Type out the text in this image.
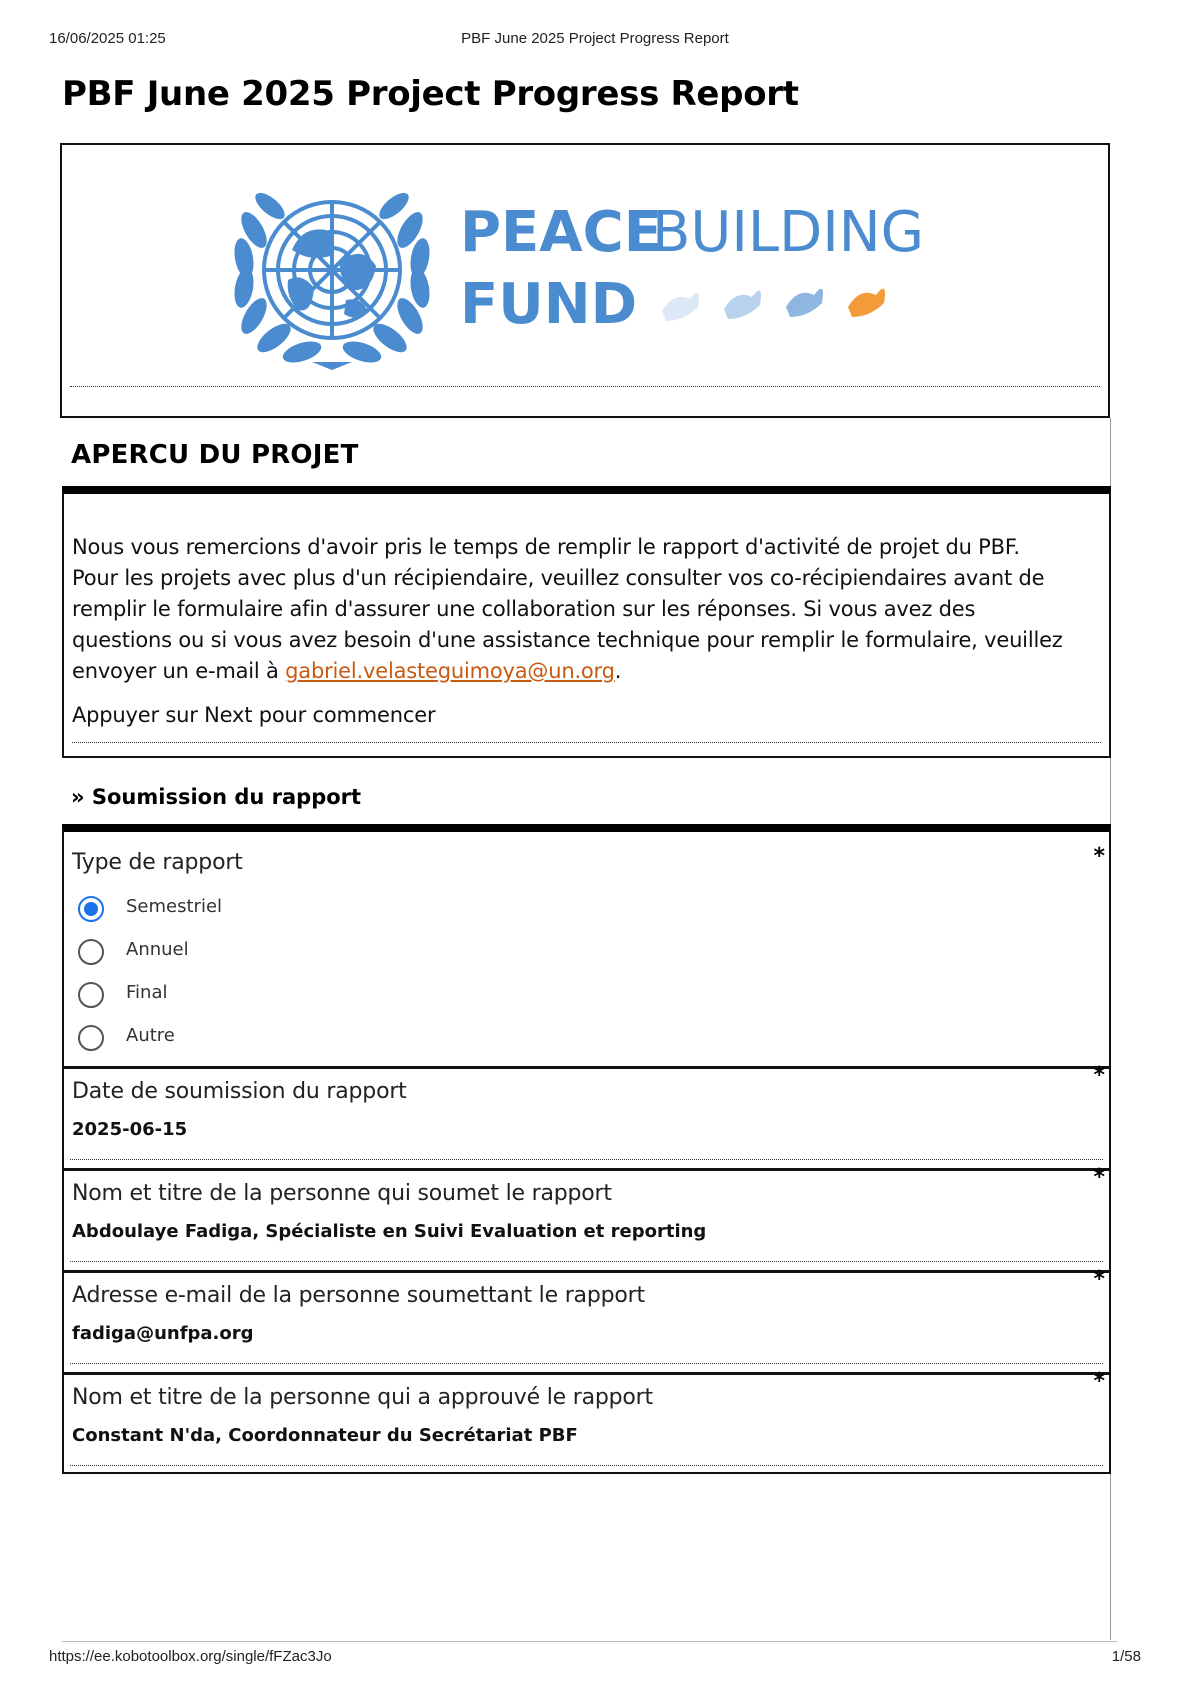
16/06/2025 01:25	PBF June 2025 Project Progress Report
PBF June 2025 Project Progress Report
PEACE
BUILDING
FUND
APERCU DU PROJET

Nous vous remercions d'avoir pris le temps de remplir le rapport d'activité de projet du PBF. Pour les projets avec plus d'un récipiendaire, veuillez consulter vos co-récipiendaires avant de remplir le formulaire afin d'assurer une collaboration sur les réponses. Si vous avez des questions ou si vous avez besoin d'une assistance technique pour remplir le formulaire, veuillez envoyer un e-mail à gabriel.velasteguimoya@un.org.

Appuyer sur Next pour commencer
» Soumission du rapport
*
Type de rapport
Semestriel
Annuel
Final
Autre
*
Date de soumission du rapport
2025-06-15
*
Nom et titre de la personne qui soumet le rapport
Abdoulaye Fadiga, Spécialiste en Suivi Evaluation et reporting
*
Adresse e-mail de la personne soumettant le rapport
fadiga@unfpa.org
*
Nom et titre de la personne qui a approuvé le rapport
Constant N'da, Coordonnateur du Secrétariat PBF
https://ee.kobotoolbox.org/single/fFZac3Jo	1/58
